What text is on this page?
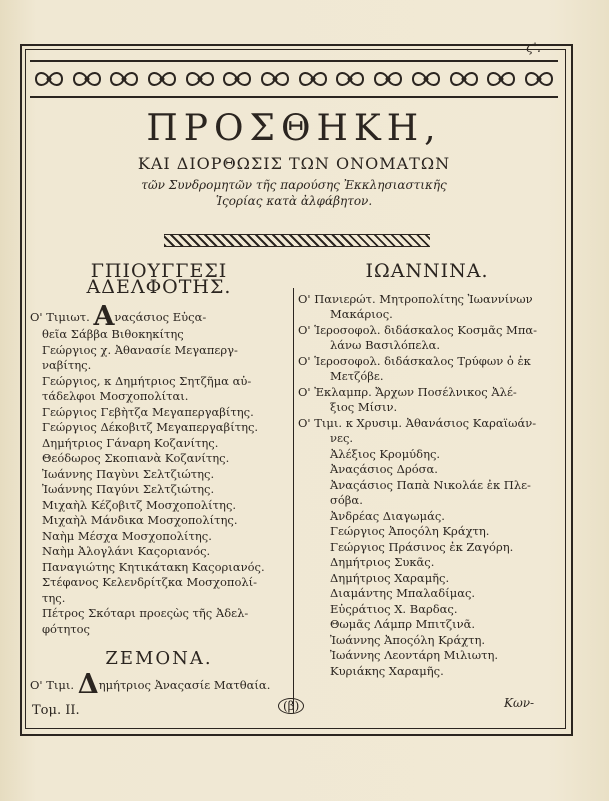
ϛ'.
ΠΡΟΣΘΗΚΗ,

ΚΑΙ ΔΙΟΡΘΩΣΙΣ ΤΩΝ ΟΝΟΜΑΤΩΝ

τῶν Συνδρομητῶν τῆς παρούσης Ἐκκλησιαστικῆς

Ἱςορίας κατὰ ἀλφάβητον.

ΓΠΙΟΥΓΓΕΣΙ ΑΔΕΛΦΟΤΗΣ.

Ο' Τιμιωτ. Αναςάσιος Εὐςα-

θεῖα Σάββα Βιθοκηκίτης

Γεώργιος χ. Ἀθανασίε Μεγαπεργ-

ναβίτης.

Γεώργιος, κ Δημήτριος Σητζῆμα αὐ-

τάδελφοι Μοσχοπολίται.

Γεώργιος Γεβὴτζα Μεγαπεργαβίτης.

Γεώργιος Δέκοβιτζ Μεγαπεργαβίτης.

Δημήτριος Γάναρη Κοζανίτης.

Θεόδωρος Σκοπιανὰ Κοζανίτης.

Ἰωάννης Παγὺνι Σελτζιώτης.

Ἰωάννης Παγύνι Σελτζιώτης.

Μιχαὴλ Κέζοβιτζ Μοσχοπολίτης.

Μιχαὴλ Μάνδικα Μοσχοπολίτης.

Ναὴμ Μέσχα Μοσχοπολίτης.

Ναὴμ Ἀλογλάνι Καςοριανός.

Παναγιώτης Κητικάτακη Καςοριανός.

Στέφανος Κελενδρίτζκα Μοσχοπολί-

της.

Πέτρος Σκόταρι προεςὼς τῆς Ἀδελ-

φότητος

ΖΕΜΟΝΑ.

Ο' Τιμι. Δημήτριος Ἀναςασίε Ματθαία.

ΙΩΑΝΝΙΝΑ.

Ο' Πανιερώτ. Μητροπολίτης Ἰωαννίνων

Μακάριος.

Ο' Ἱεροσοφολ. διδάσκαλος Κοσμᾶς Μπα-

λάνω Βασιλόπελα.

Ο' Ἱεροσοφολ. διδάσκαλος Τρύφων ὁ ἐκ

Μετζόβε.

Ο' Ἐκλαμπρ. Ἄρχων Ποσέλνικος Ἀλέ-

ξιος Μίσιν.

Ο' Τιμι. κ Χρυσιμ. Ἀθανάσιος Καραϊωάν-

νες.

Ἀλέξιος Κρομύδης.

Ἀναςάσιος Δρόσα.

Ἀναςάσιος Παπὰ Νικολάε ἐκ Πλε-

σόβα.

Ἀνδρέας Διαγωμάς.

Γεώργιος Ἀποςόλη Κράχτη.

Γεώργιος Πράσινος ἐκ Ζαγόρη.

Δημήτριος Συκᾶς.

Δημήτριος Χαραμῆς.

Διαμάντης Μπαλαδίμας.

Εὐςράτιος Χ. Βαρδας.

Θωμᾶς Λάμπρ Μπιτζινᾶ.

Ἰωάννης Ἀποςόλη Κράχτη.

Ἰωάννης Λεοντάρη Μιλιωτη.

Κυριάκης Χαραμῆς.

Τομ. ΙΙ.	(β)	Κων-
